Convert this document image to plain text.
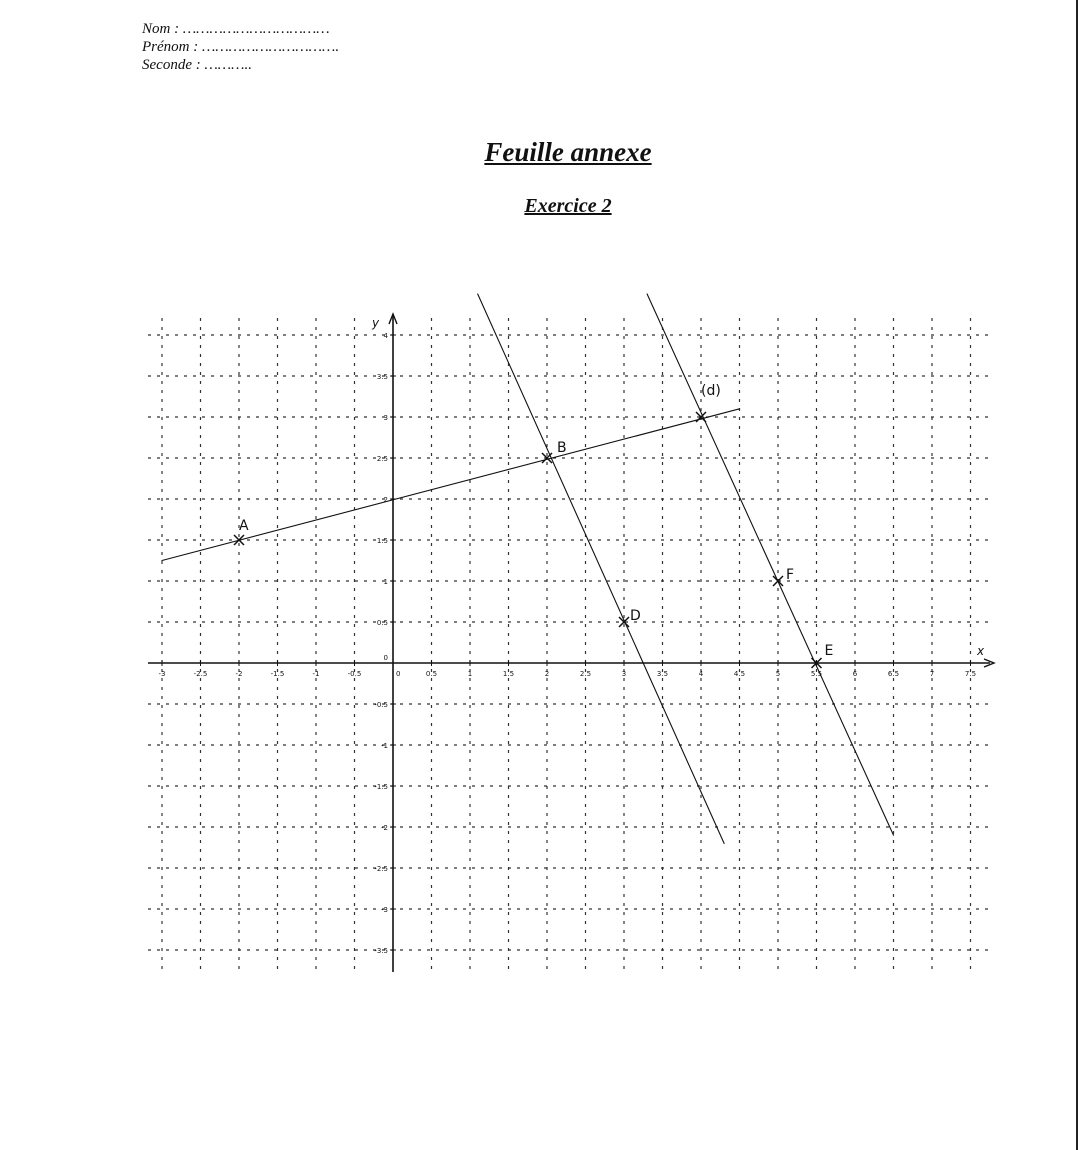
Nom : ……………………………
Prénom : ………………………….
Seconde : ………..
Feuille annexe
Exercice 2
x
y
-3	-2.5	-2	-1.5	-1	-0.5	0	0.5	1	1.5	2	2.5	3	3.5	4	4.5	5	5.5	6	6.5	7	7.5
4
3.5
3
2.5
2
1.5
1
0.5
0
-0.5
-1
-1.5
-2
-2.5
-3
-3.5
A
B
(d)
D
F
E
